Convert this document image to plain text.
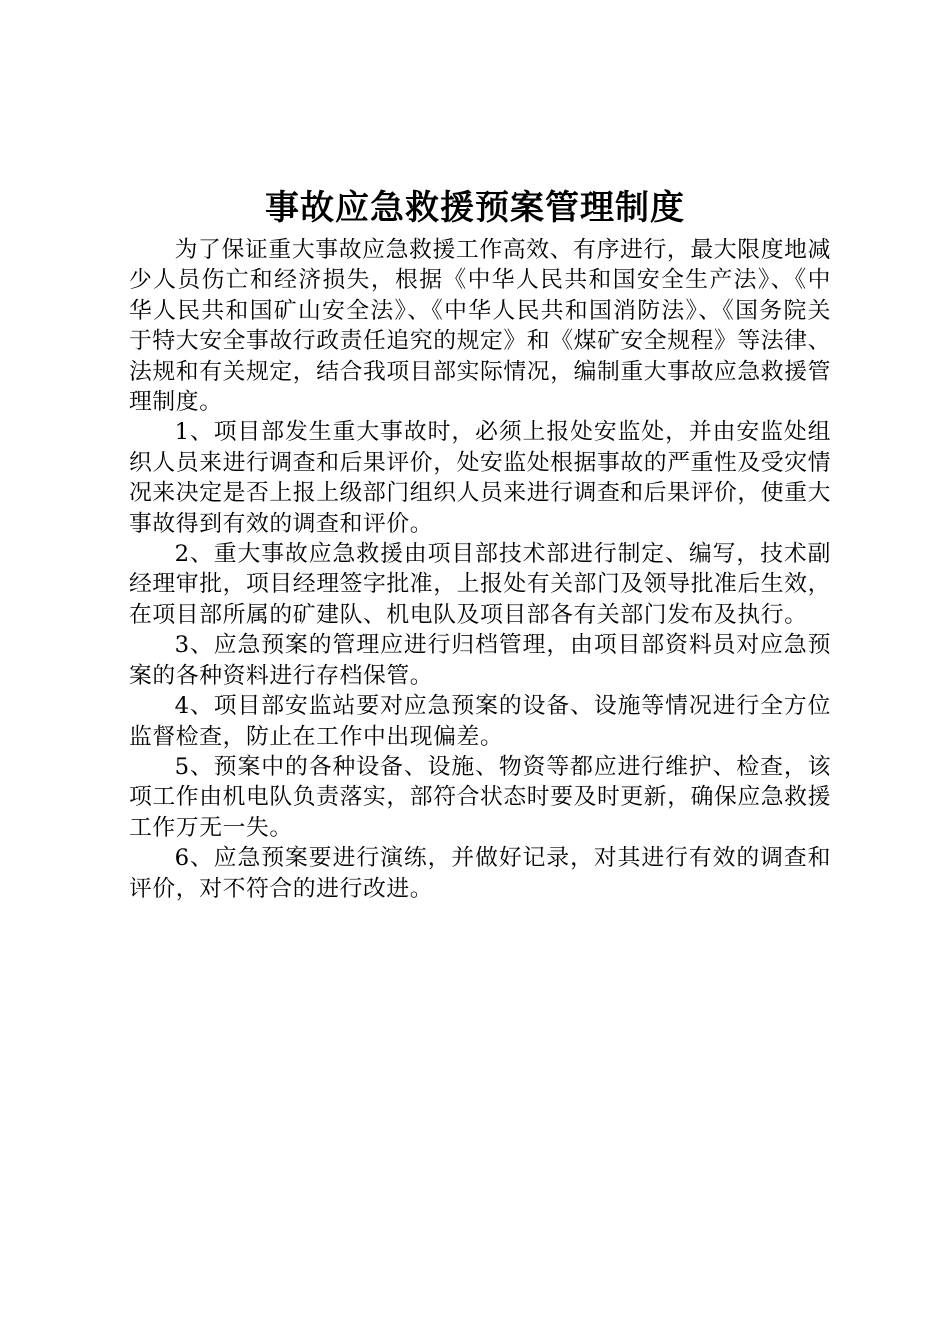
事故应急救援预案管理制度

为了保证重大事故应急救援工作高效、有序进行，最大限度地减少人员伤亡和经济损失，根据《中华人民共和国安全生产法》、《中华人民共和国矿山安全法》、《中华人民共和国消防法》、《国务院关于特大安全事故行政责任追究的规定》和《煤矿安全规程》等法律、法规和有关规定，结合我项目部实际情况，编制重大事故应急救援管理制度。

1、项目部发生重大事故时，必须上报处安监处，并由安监处组织人员来进行调查和后果评价，处安监处根据事故的严重性及受灾情况来决定是否上报上级部门组织人员来进行调查和后果评价，使重大事故得到有效的调查和评价。

2、重大事故应急救援由项目部技术部进行制定、编写，技术副经理审批，项目经理签字批准，上报处有关部门及领导批准后生效，在项目部所属的矿建队、机电队及项目部各有关部门发布及执行。

3、应急预案的管理应进行归档管理，由项目部资料员对应急预案的各种资料进行存档保管。

4、项目部安监站要对应急预案的设备、设施等情况进行全方位监督检查，防止在工作中出现偏差。

5、预案中的各种设备、设施、物资等都应进行维护、检查，该项工作由机电队负责落实，部符合状态时要及时更新，确保应急救援工作万无一失。

6、应急预案要进行演练，并做好记录，对其进行有效的调查和评价，对不符合的进行改进。
